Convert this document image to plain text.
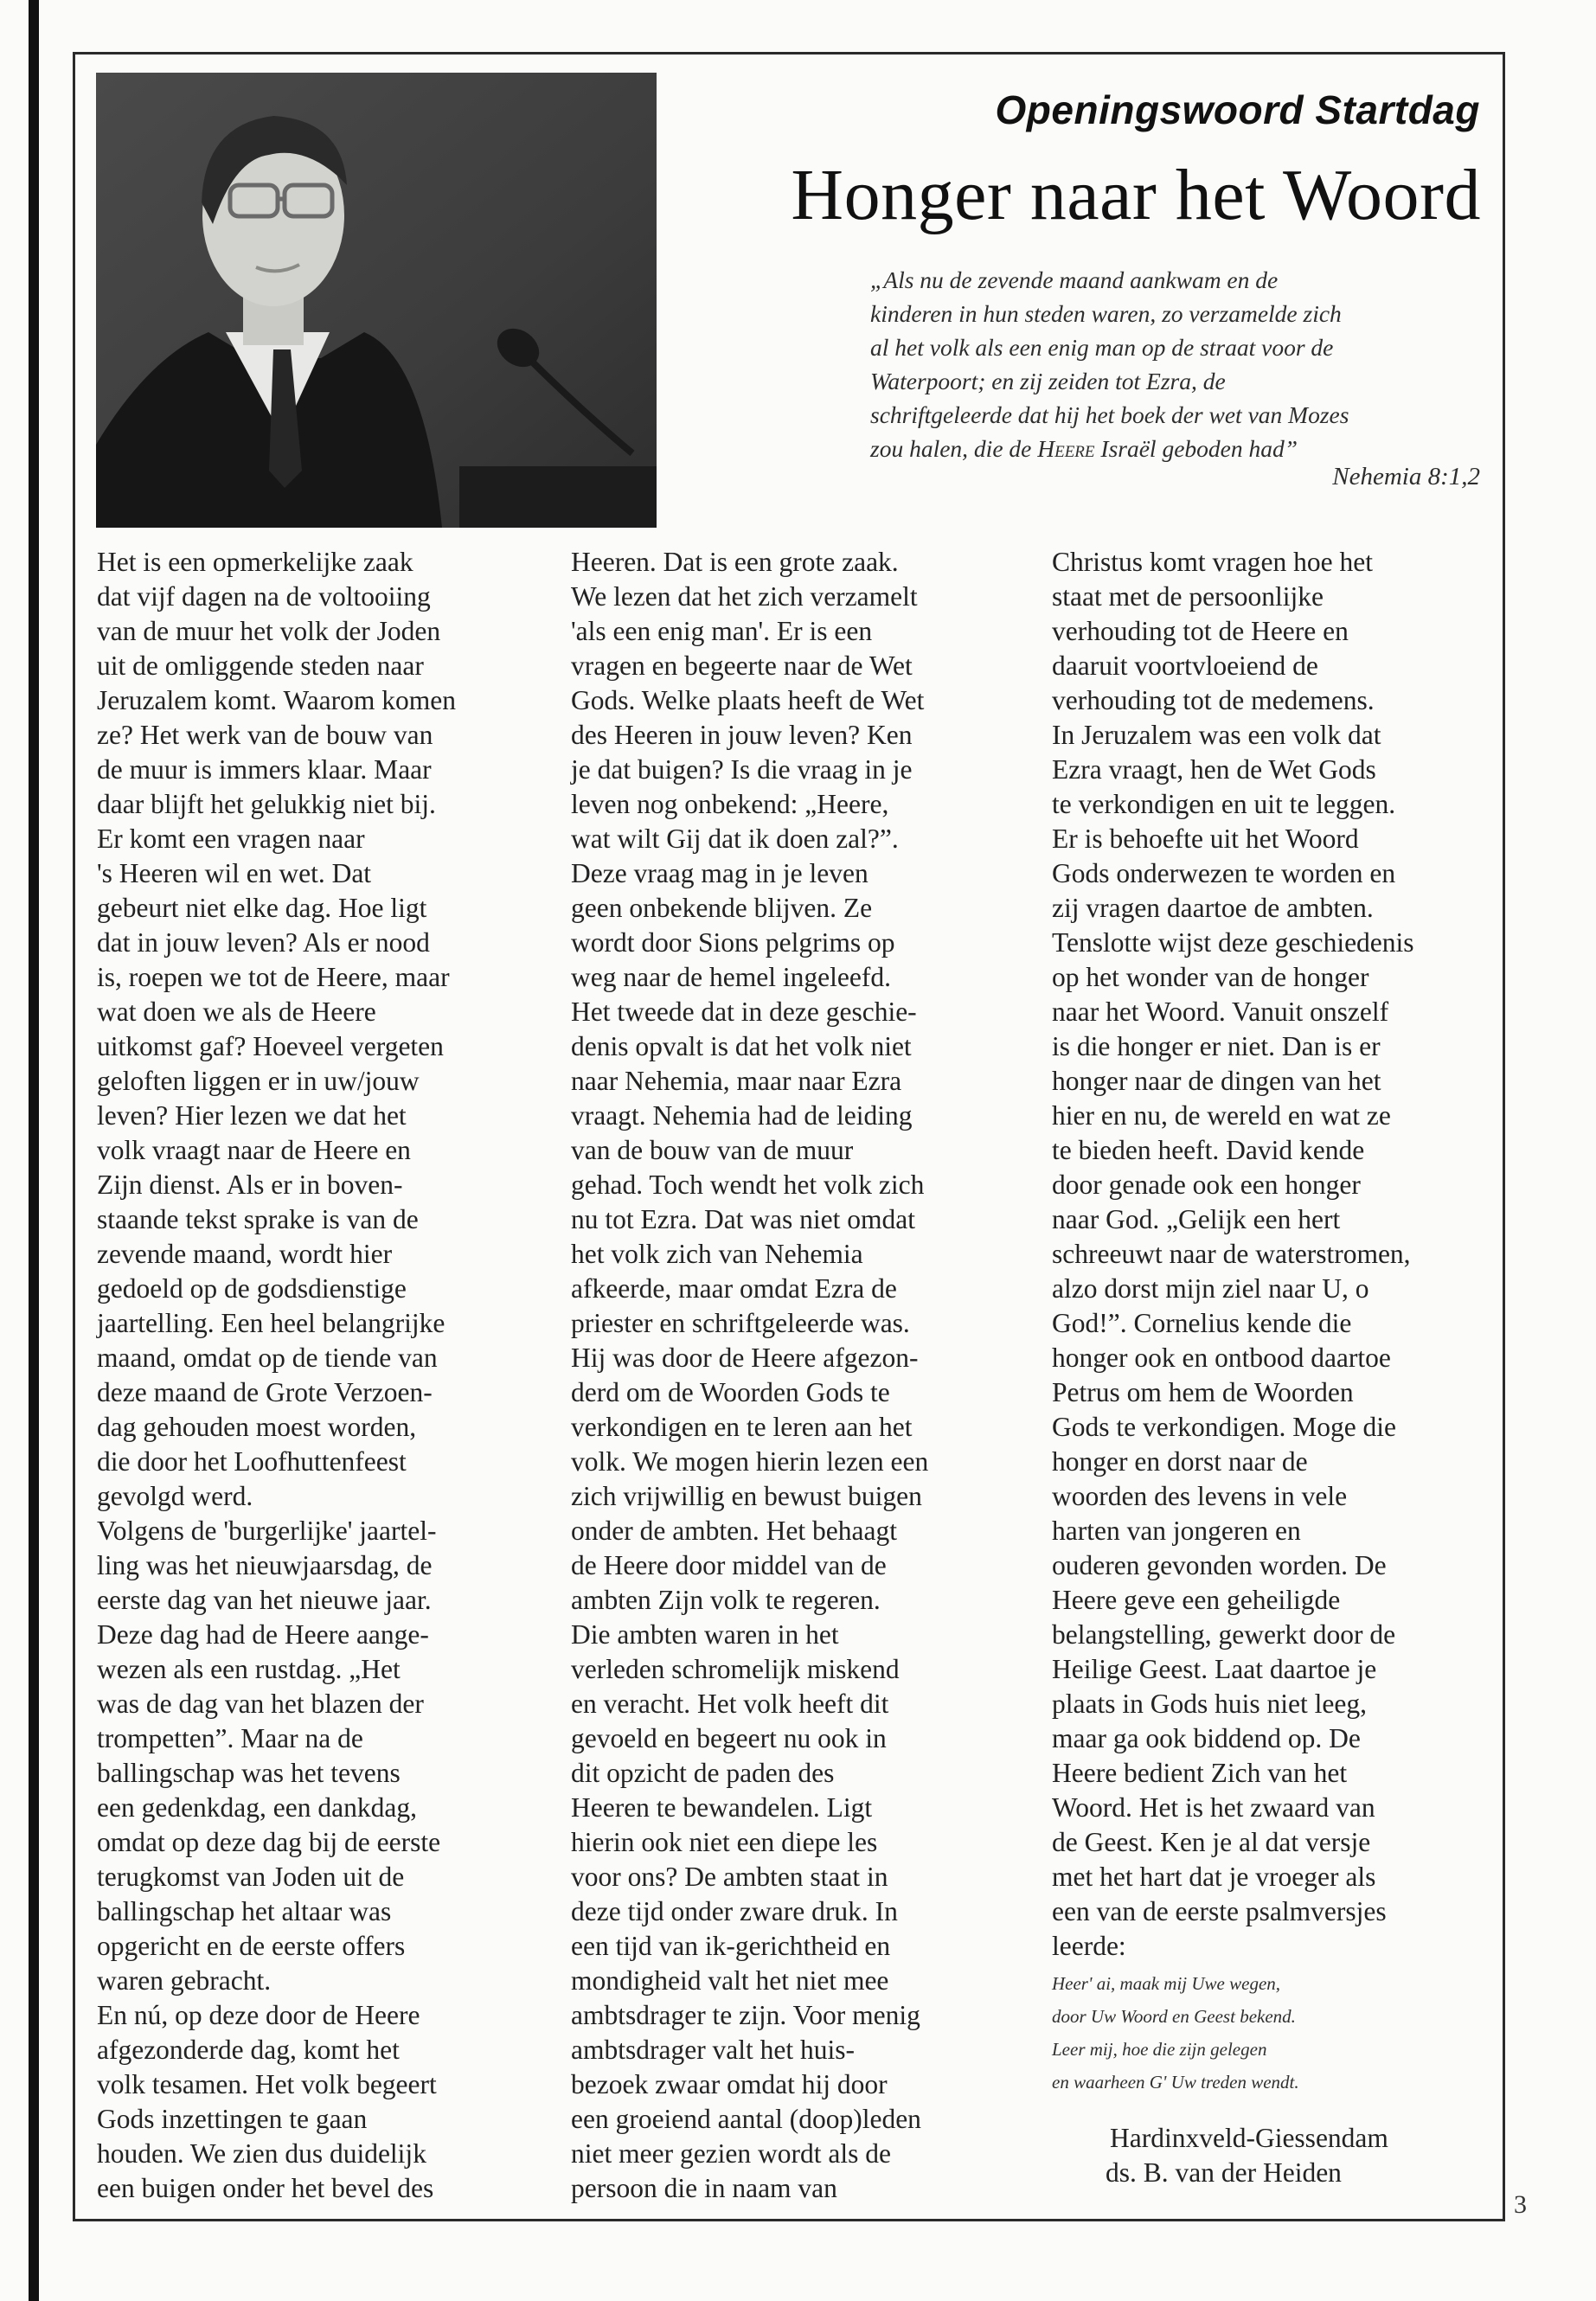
Openingswoord Startdag
Honger naar het Woord
„Als nu de zevende maand aankwam en de
kinderen in hun steden waren, zo verzamelde zich
al het volk als een enig man op de straat voor de
Waterpoort; en zij zeiden tot Ezra, de
schriftgeleerde dat hij het boek der wet van Mozes
zou halen, die de Heere Israël geboden had”
Nehemia 8:1,2
Het is een opmerkelijke zaak
dat vijf dagen na de voltooiing
van de muur het volk der Joden
uit de omliggende steden naar
Jeruzalem komt. Waarom komen
ze? Het werk van de bouw van
de muur is immers klaar. Maar
daar blijft het gelukkig niet bij.
Er komt een vragen naar
's Heeren wil en wet. Dat
gebeurt niet elke dag. Hoe ligt
dat in jouw leven? Als er nood
is, roepen we tot de Heere, maar
wat doen we als de Heere
uitkomst gaf? Hoeveel vergeten
geloften liggen er in uw/jouw
leven? Hier lezen we dat het
volk vraagt naar de Heere en
Zijn dienst. Als er in boven-
staande tekst sprake is van de
zevende maand, wordt hier
gedoeld op de godsdienstige
jaartelling. Een heel belangrijke
maand, omdat op de tiende van
deze maand de Grote Verzoen-
dag gehouden moest worden,
die door het Loofhuttenfeest
gevolgd werd.
Volgens de 'burgerlijke' jaartel-
ling was het nieuwjaarsdag, de
eerste dag van het nieuwe jaar.
Deze dag had de Heere aange-
wezen als een rustdag. „Het
was de dag van het blazen der
trompetten”. Maar na de
ballingschap was het tevens
een gedenkdag, een dankdag,
omdat op deze dag bij de eerste
terugkomst van Joden uit de
ballingschap het altaar was
opgericht en de eerste offers
waren gebracht.
En nú, op deze door de Heere
afgezonderde dag, komt het
volk tesamen. Het volk begeert
Gods inzettingen te gaan
houden. We zien dus duidelijk
een buigen onder het bevel des
Heeren. Dat is een grote zaak.
We lezen dat het zich verzamelt
'als een enig man'. Er is een
vragen en begeerte naar de Wet
Gods. Welke plaats heeft de Wet
des Heeren in jouw leven? Ken
je dat buigen? Is die vraag in je
leven nog onbekend: „Heere,
wat wilt Gij dat ik doen zal?”.
Deze vraag mag in je leven
geen onbekende blijven. Ze
wordt door Sions pelgrims op
weg naar de hemel ingeleefd.
Het tweede dat in deze geschie-
denis opvalt is dat het volk niet
naar Nehemia, maar naar Ezra
vraagt. Nehemia had de leiding
van de bouw van de muur
gehad. Toch wendt het volk zich
nu tot Ezra. Dat was niet omdat
het volk zich van Nehemia
afkeerde, maar omdat Ezra de
priester en schriftgeleerde was.
Hij was door de Heere afgezon-
derd om de Woorden Gods te
verkondigen en te leren aan het
volk. We mogen hierin lezen een
zich vrijwillig en bewust buigen
onder de ambten. Het behaagt
de Heere door middel van de
ambten Zijn volk te regeren.
Die ambten waren in het
verleden schromelijk miskend
en veracht. Het volk heeft dit
gevoeld en begeert nu ook in
dit opzicht de paden des
Heeren te bewandelen. Ligt
hierin ook niet een diepe les
voor ons? De ambten staat in
deze tijd onder zware druk. In
een tijd van ik-gerichtheid en
mondigheid valt het niet mee
ambtsdrager te zijn. Voor menig
ambtsdrager valt het huis-
bezoek zwaar omdat hij door
een groeiend aantal (doop)leden
niet meer gezien wordt als de
persoon die in naam van
Christus komt vragen hoe het
staat met de persoonlijke
verhouding tot de Heere en
daaruit voortvloeiend de
verhouding tot de medemens.
In Jeruzalem was een volk dat
Ezra vraagt, hen de Wet Gods
te verkondigen en uit te leggen.
Er is behoefte uit het Woord
Gods onderwezen te worden en
zij vragen daartoe de ambten.
Tenslotte wijst deze geschiedenis
op het wonder van de honger
naar het Woord. Vanuit onszelf
is die honger er niet. Dan is er
honger naar de dingen van het
hier en nu, de wereld en wat ze
te bieden heeft. David kende
door genade ook een honger
naar God. „Gelijk een hert
schreeuwt naar de waterstromen,
alzo dorst mijn ziel naar U, o
God!”. Cornelius kende die
honger ook en ontbood daartoe
Petrus om hem de Woorden
Gods te verkondigen. Moge die
honger en dorst naar de
woorden des levens in vele
harten van jongeren en
ouderen gevonden worden. De
Heere geve een geheiligde
belangstelling, gewerkt door de
Heilige Geest. Laat daartoe je
plaats in Gods huis niet leeg,
maar ga ook biddend op. De
Heere bedient Zich van het
Woord. Het is het zwaard van
de Geest. Ken je al dat versje
met het hart dat je vroeger als
een van de eerste psalmversjes
leerde:
Heer' ai, maak mij Uwe wegen,
door Uw Woord en Geest bekend.
Leer mij, hoe die zijn gelegen
en waarheen G' Uw treden wendt.
Hardinxveld-Giessendam
ds. B. van der Heiden
3
